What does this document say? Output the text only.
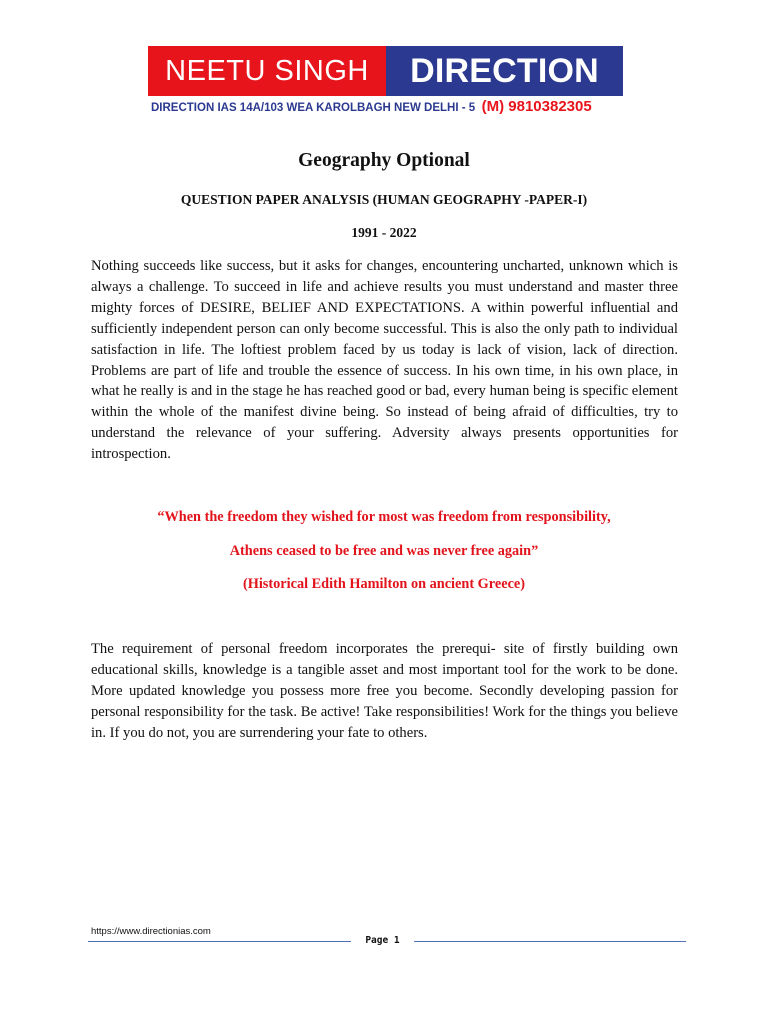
NEETU SINGH	DIRECTION
DIRECTION IAS 14A/103 WEA KAROLBAGH NEW DELHI - 5 (M) 9810382305
Geography Optional
QUESTION PAPER ANALYSIS (HUMAN GEOGRAPHY -PAPER-I)
1991 - 2022
Nothing succeeds like success, but it asks for changes, encountering uncharted, unknown which is always a challenge. To succeed in life and achieve results you must understand and master three mighty forces of DESIRE, BELIEF AND EXPECTATIONS. A within powerful influential and sufficiently independent person can only become successful. This is also the only path to individual satisfaction in life. The loftiest problem faced by us today is lack of vision, lack of direction. Problems are part of life and trouble the essence of success. In his own time, in his own place, in what he really is and in the stage he has reached good or bad, every human being is specific element within the whole of the manifest divine being. So instead of being afraid of difficulties, try to understand the relevance of your suffering. Adversity always presents opportunities for introspection.
“When the freedom they wished for most was freedom from responsibility,
Athens ceased to be free and was never free again”
(Historical Edith Hamilton on ancient Greece)
The requirement of personal freedom incorporates the prerequi- site of firstly building own educational skills, knowledge is a tangible asset and most important tool for the work to be done. More updated knowledge you possess more free you become. Secondly developing passion for personal responsibility for the task. Be active! Take responsibilities! Work for the things you believe in. If you do not, you are surrendering your fate to others.
https://www.directionias.com
Page 1
